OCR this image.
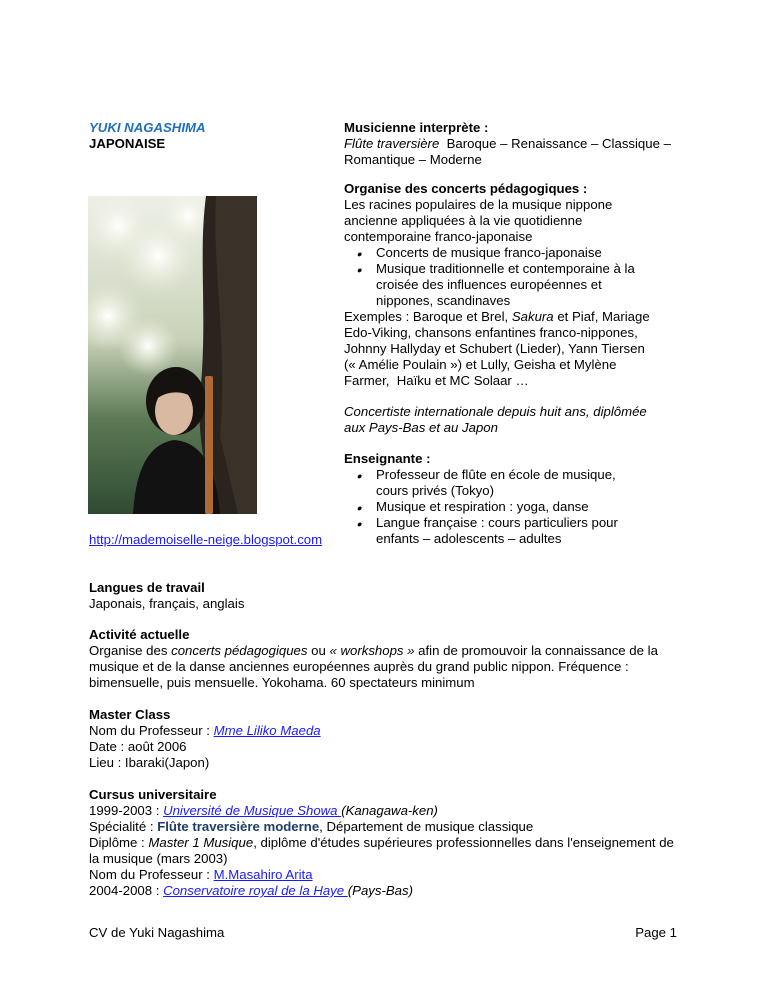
YUKI NAGASHIMA
JAPONAISE
http://mademoiselle-neige.blogspot.com
Musicienne interprète :
Flûte traversière  Baroque – Renaissance – Classique –
Romantique – Moderne
Organise des concerts pédagogiques :
Les racines populaires de la musique nippone
ancienne appliquées à la vie quotidienne
contemporaine franco-japonaise
●
Concerts de musique franco-japonaise
●
Musique traditionnelle et contemporaine à la
croisée des influences européennes et
nippones, scandinaves
Exemples : Baroque et Brel, Sakura et Piaf, Mariage
Edo-Viking, chansons enfantines franco-nippones,
Johnny Hallyday et Schubert (Lieder), Yann Tiersen
(« Amélie Poulain ») et Lully, Geisha et Mylène
Farmer,  Haïku et MC Solaar …
Concertiste internationale depuis huit ans, diplômée
aux Pays-Bas et au Japon
Enseignante :
●
Professeur de flûte en école de musique,
cours privés (Tokyo)
●
Musique et respiration : yoga, danse
●
Langue française : cours particuliers pour
enfants – adolescents – adultes
Langues de travail
Japonais, français, anglais
Activité actuelle
Organise des concerts pédagogiques ou « workshops » afin de promouvoir la connaissance de la
musique et de la danse anciennes européennes auprès du grand public nippon. Fréquence :
bimensuelle, puis mensuelle. Yokohama. 60 spectateurs minimum
Master Class
Nom du Professeur : Mme Liliko Maeda
Date : août 2006
Lieu : Ibaraki(Japon)
Cursus universitaire
1999-2003 : Université de Musique Showa (Kanagawa-ken)
Spécialité : Flûte traversière moderne, Département de musique classique
Diplôme : Master 1 Musique, diplôme d'études supérieures professionnelles dans l'enseignement de
la musique (mars 2003)
Nom du Professeur : M.Masahiro Arita
2004-2008 : Conservatoire royal de la Haye (Pays-Bas)
CV de Yuki Nagashima	Page 1
